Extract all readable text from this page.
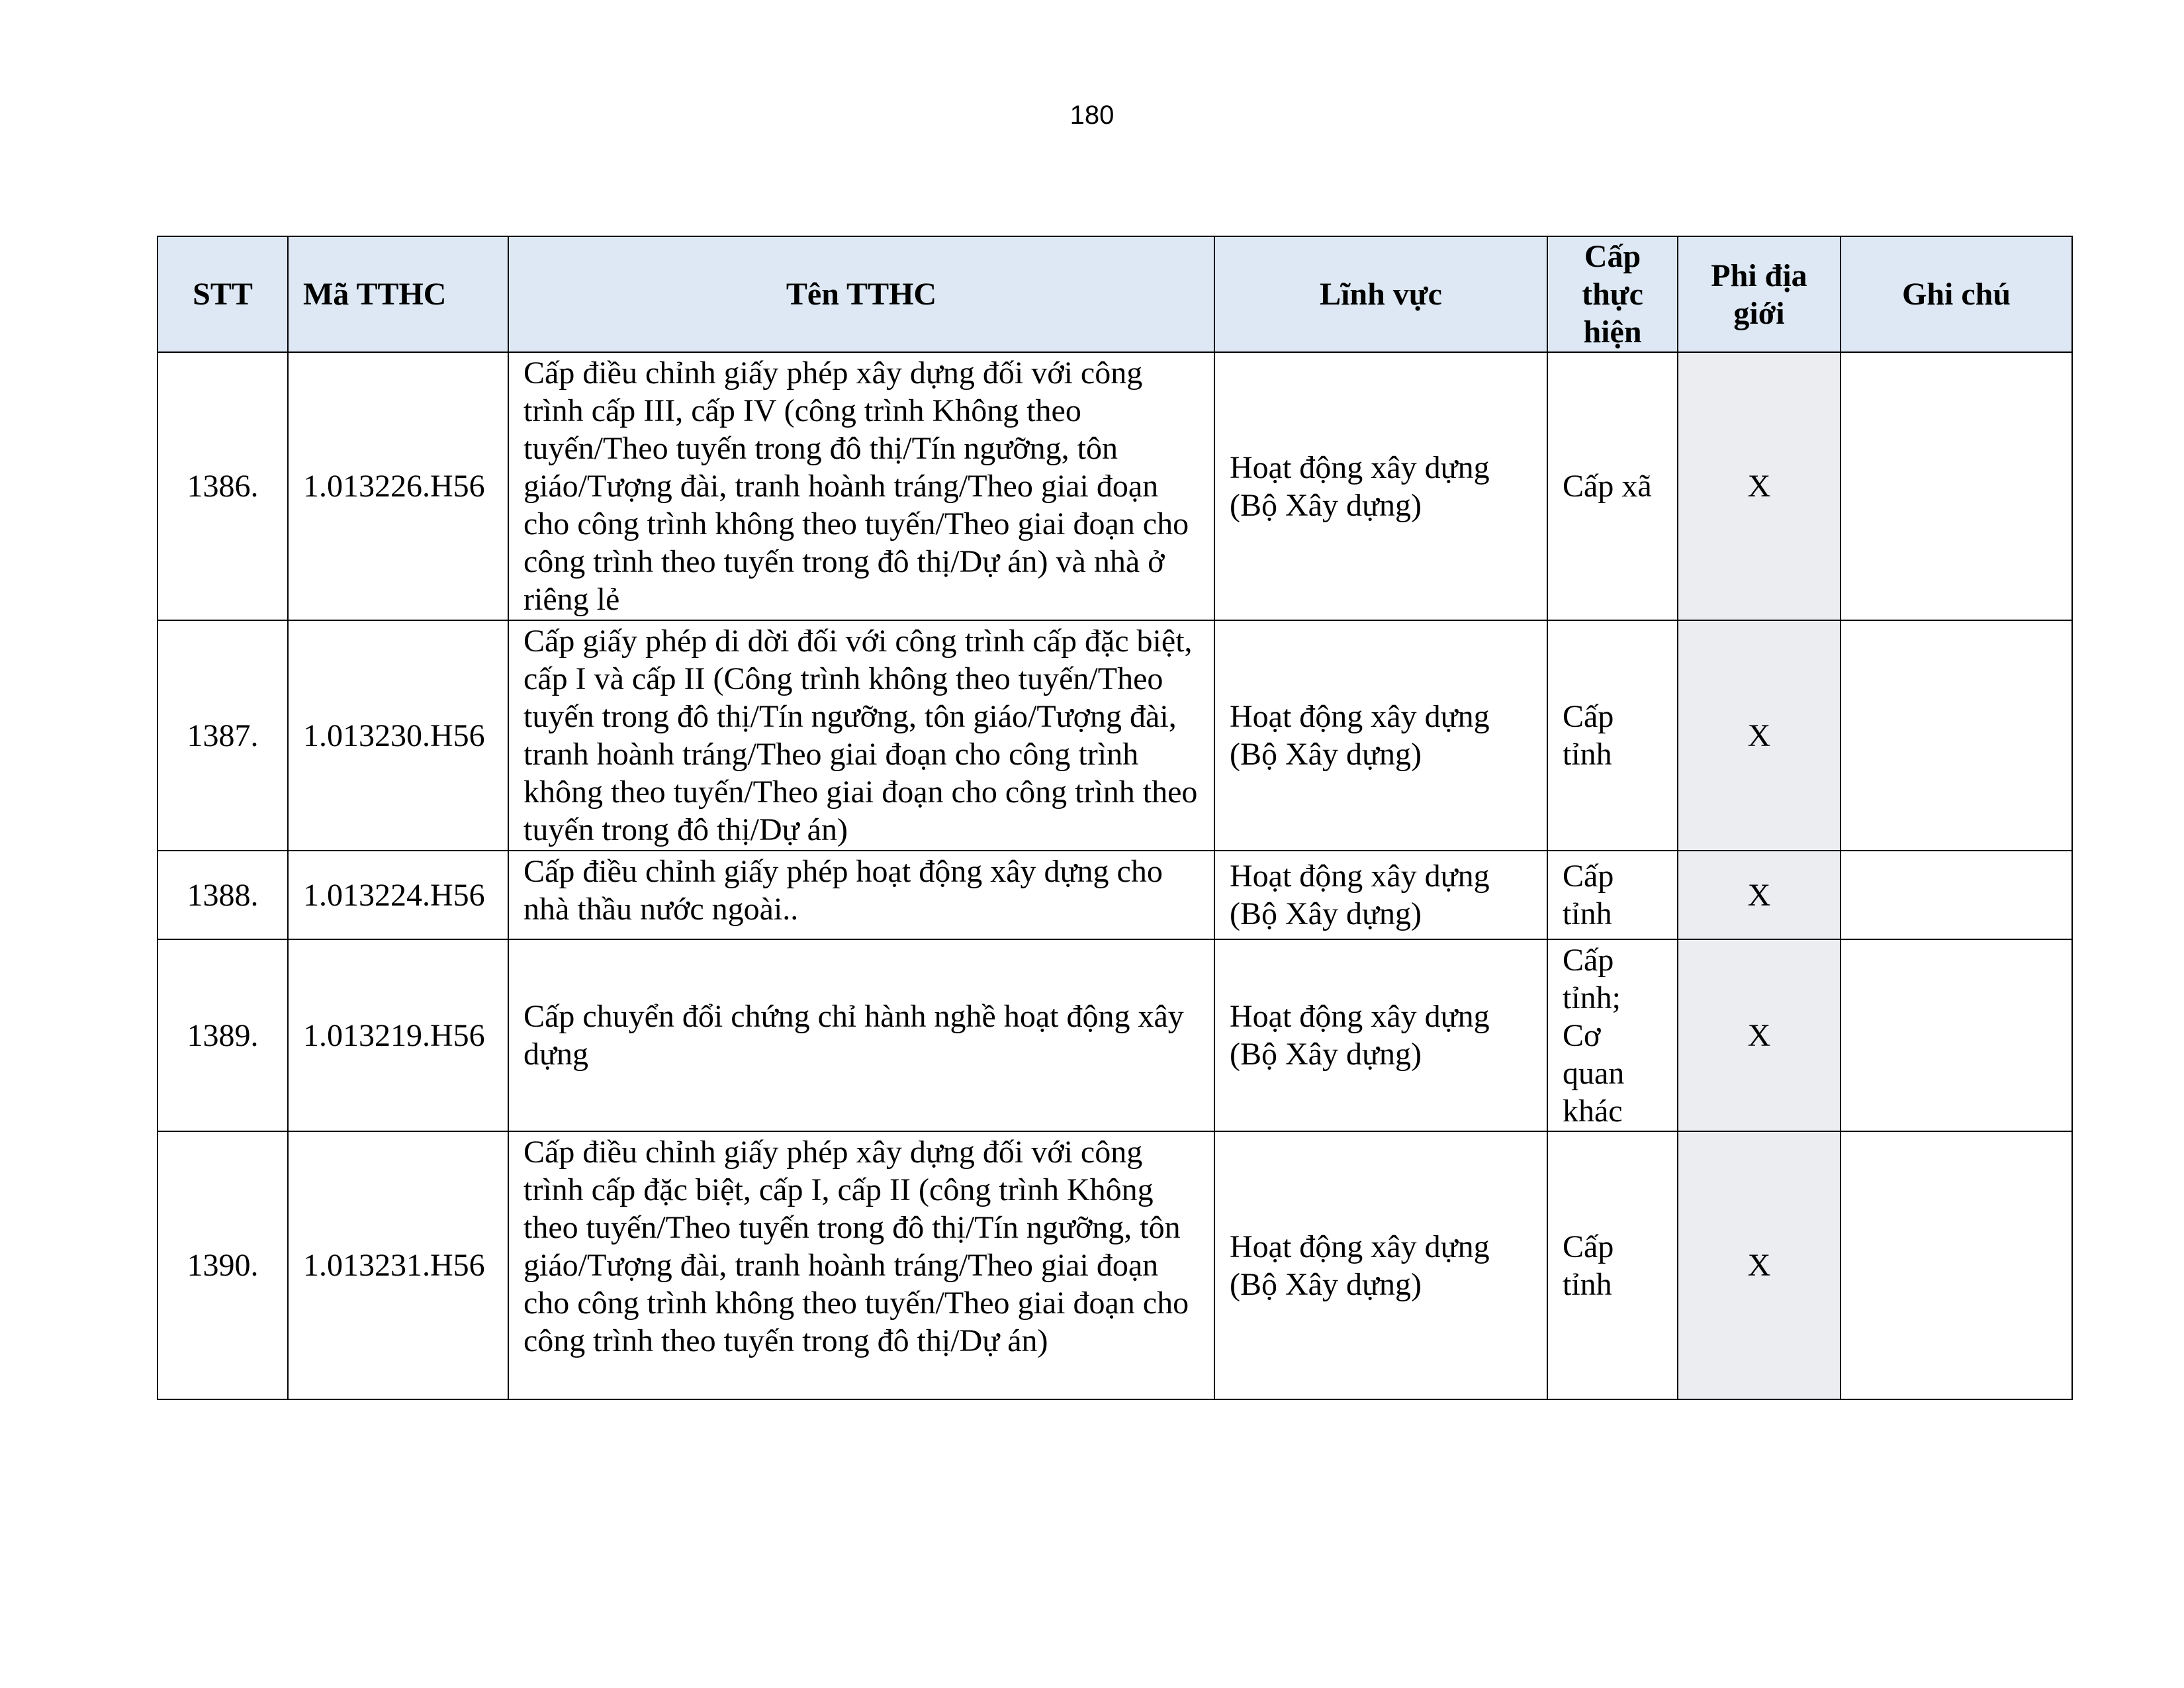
180
STT	Mã TTHC	Tên TTHC	Lĩnh vực	Cấp thực hiện	Phi địa giới	Ghi chú
1386.	1.013226.H56	Cấp điều chỉnh giấy phép xây dựng đối với công trình cấp III, cấp IV (công trình Không theo tuyến/Theo tuyến trong đô thị/Tín ngưỡng, tôn giáo/Tượng đài, tranh hoành tráng/Theo giai đoạn cho công trình không theo tuyến/Theo giai đoạn cho công trình theo tuyến trong đô thị/Dự án) và nhà ở riêng lẻ	Hoạt động xây dựng (Bộ Xây dựng)	Cấp xã	X	
1387.	1.013230.H56	Cấp giấy phép di dời đối với công trình cấp đặc biệt, cấp I và cấp II (Công trình không theo tuyến/Theo tuyến trong đô thị/Tín ngưỡng, tôn giáo/Tượng đài, tranh hoành tráng/Theo giai đoạn cho công trình không theo tuyến/Theo giai đoạn cho công trình theo tuyến trong đô thị/Dự án)	Hoạt động xây dựng (Bộ Xây dựng)	Cấp tỉnh	X	
1388.	1.013224.H56	Cấp điều chỉnh giấy phép hoạt động xây dựng cho nhà thầu nước ngoài..	Hoạt động xây dựng (Bộ Xây dựng)	Cấp tỉnh	X	
1389.	1.013219.H56	Cấp chuyển đổi chứng chỉ hành nghề hoạt động xây dựng	Hoạt động xây dựng (Bộ Xây dựng)	Cấp tỉnh; Cơ quan khác	X	
1390.	1.013231.H56	Cấp điều chỉnh giấy phép xây dựng đối với công trình cấp đặc biệt, cấp I, cấp II (công trình Không theo tuyến/Theo tuyến trong đô thị/Tín ngưỡng, tôn giáo/Tượng đài, tranh hoành tráng/Theo giai đoạn cho công trình không theo tuyến/Theo giai đoạn cho công trình theo tuyến trong đô thị/Dự án)	Hoạt động xây dựng (Bộ Xây dựng)	Cấp tỉnh	X	
